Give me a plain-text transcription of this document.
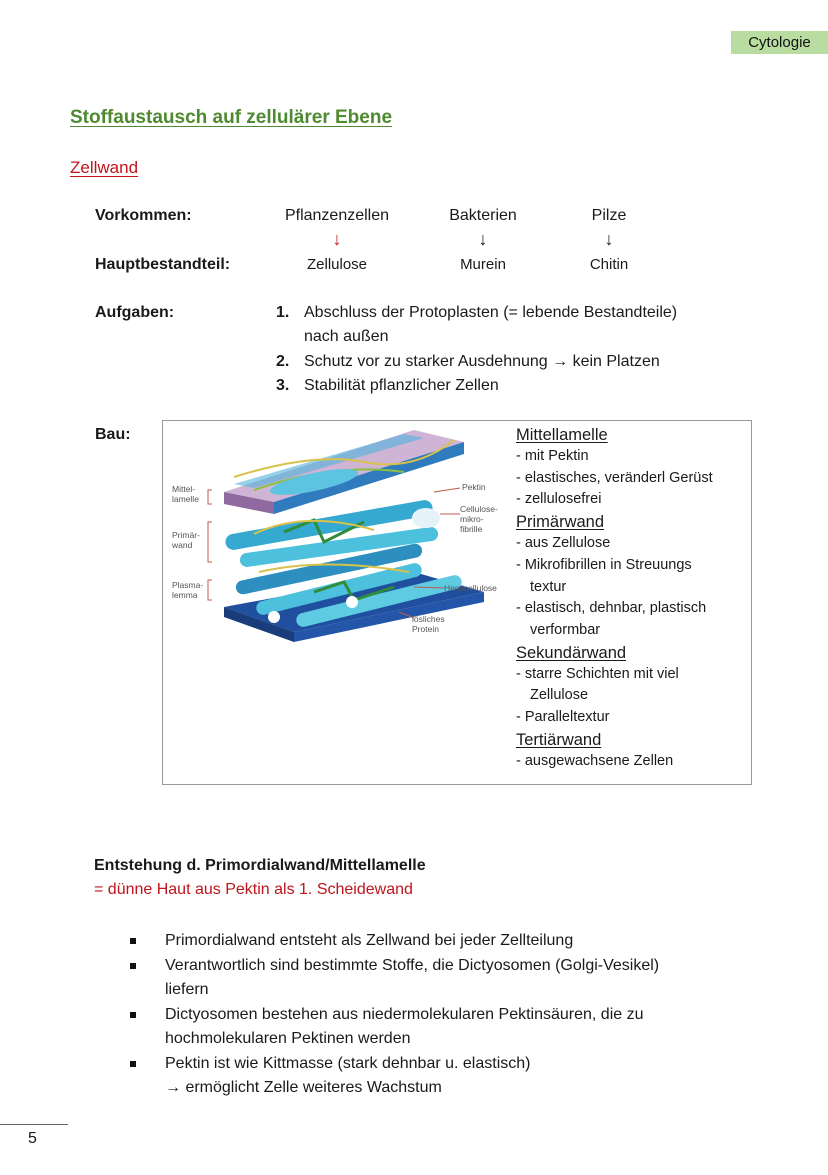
Cytologie
Stoffaustausch auf zellulärer Ebene
Zellwand
Vorkommen:	Pflanzenzellen	Bakterien	Pilze
↓	↓	↓
Hauptbestandteil:	Zellulose	Murein	Chitin
Aufgaben:	1. Abschluss der Protoplasten (= lebende Bestandteile)
nach außen
2. Schutz vor zu starker Ausdehnung → kein Platzen
3. Stabilität pflanzlicher Zellen
Bau:
Mittel-
lamelle
Primär-
wand
Plasma-
lemma
Pektin
Cellulose-
mikro-
fibrille
Hemicellulose
lösliches
Protein
Mittellamelle
- mit Pektin
- elastisches, veränderl Gerüst
- zellulosefrei
Primärwand
- aus Zellulose
- Mikrofibrillen in Streuungs
textur
- elastisch, dehnbar, plastisch
verformbar
Sekundärwand
- starre Schichten mit viel
Zellulose
- Paralleltextur
Tertiärwand
- ausgewachsene Zellen
Entstehung d. Primordialwand/Mittellamelle
= dünne Haut aus Pektin als 1. Scheidewand
Primordialwand entsteht als Zellwand bei jeder Zellteilung
Verantwortlich sind bestimmte Stoffe, die Dictyosomen (Golgi-Vesikel)
liefern
Dictyosomen bestehen aus niedermolekularen Pektinsäuren, die zu
hochmolekularen Pektinen werden
Pektin ist wie Kittmasse (stark dehnbar u. elastisch)
→ ermöglicht Zelle weiteres Wachstum
5
